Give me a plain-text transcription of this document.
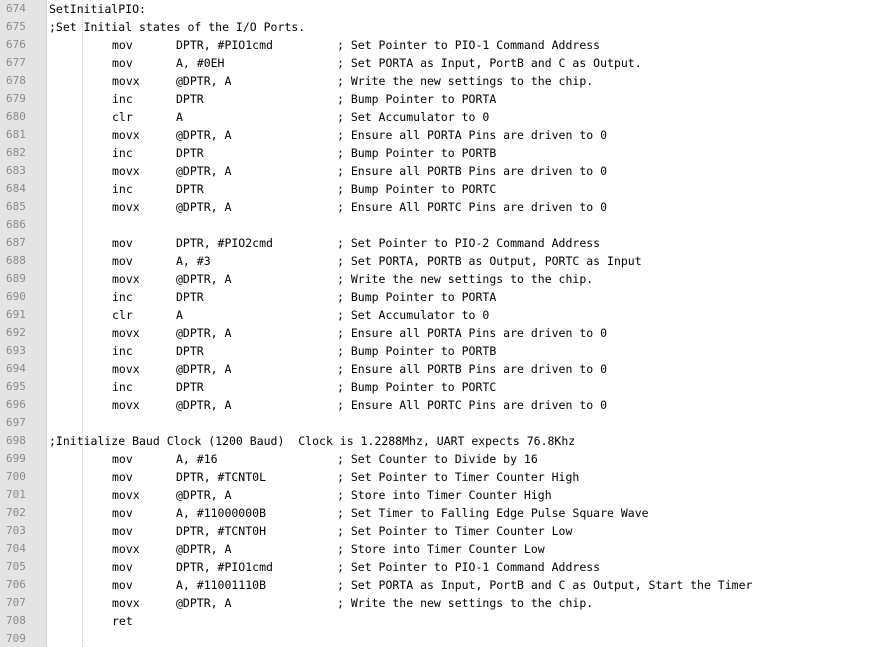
674 SetInitialPIO:
675 ;Set Initial states of the I/O Ports.
676	mov	DPTR, #PIO1cmd	; Set Pointer to PIO-1 Command Address
677	mov	A, #0EH	; Set PORTA as Input, PortB and C as Output.
678	movx	@DPTR, A	; Write the new settings to the chip.
679	inc	DPTR	; Bump Pointer to PORTA
680	clr	A	; Set Accumulator to 0
681	movx	@DPTR, A	; Ensure all PORTA Pins are driven to 0
682	inc	DPTR	; Bump Pointer to PORTB
683	movx	@DPTR, A	; Ensure all PORTB Pins are driven to 0
684	inc	DPTR	; Bump Pointer to PORTC
685	movx	@DPTR, A	; Ensure All PORTC Pins are driven to 0
686
687	mov	DPTR, #PIO2cmd	; Set Pointer to PIO-2 Command Address
688	mov	A, #3	; Set PORTA, PORTB as Output, PORTC as Input
689	movx	@DPTR, A	; Write the new settings to the chip.
690	inc	DPTR	; Bump Pointer to PORTA
691	clr	A	; Set Accumulator to 0
692	movx	@DPTR, A	; Ensure all PORTA Pins are driven to 0
693	inc	DPTR	; Bump Pointer to PORTB
694	movx	@DPTR, A	; Ensure all PORTB Pins are driven to 0
695	inc	DPTR	; Bump Pointer to PORTC
696	movx	@DPTR, A	; Ensure All PORTC Pins are driven to 0
697
698 ;Initialize Baud Clock (1200 Baud)  Clock is 1.2288Mhz, UART expects 76.8Khz
699	mov	A, #16	; Set Counter to Divide by 16
700	mov	DPTR, #TCNT0L	; Set Pointer to Timer Counter High
701	movx	@DPTR, A	; Store into Timer Counter High
702	mov	A, #11000000B	; Set Timer to Falling Edge Pulse Square Wave
703	mov	DPTR, #TCNT0H	; Set Pointer to Timer Counter Low
704	movx	@DPTR, A	; Store into Timer Counter Low
705	mov	DPTR, #PIO1cmd	; Set Pointer to PIO-1 Command Address
706	mov	A, #11001110B	; Set PORTA as Input, PortB and C as Output, Start the Timer
707	movx	@DPTR, A	; Write the new settings to the chip.
708	ret
709
